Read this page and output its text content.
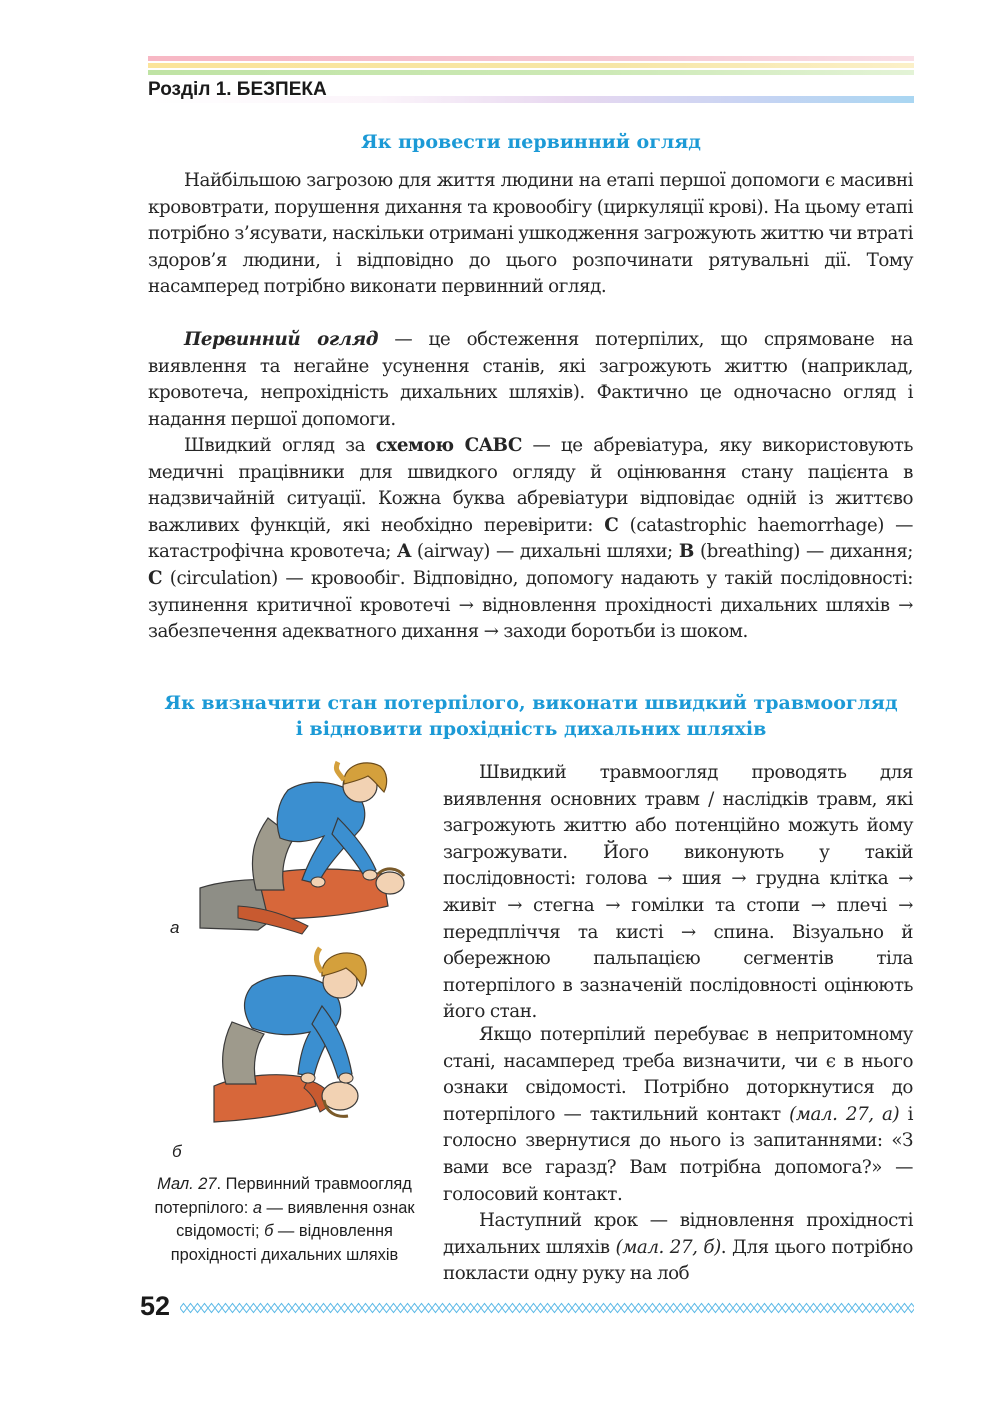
Розділ 1. БЕЗПЕКА
Як провести первинний огляд

Найбільшою загрозою для життя людини на етапі першої допомоги є масивні крововтрати, порушення дихання та кровообігу (циркуляції крові). На цьому етапі потрібно з’ясувати, наскільки отримані ушкодження загрожують життю чи втраті здоров’я людини, і відповідно до цього розпочинати рятувальні дії. Тому насамперед потрібно виконати первинний огляд.

Первинний огляд — це обстеження потерпілих, що спрямоване на виявлення та негайне усунення станів, які загрожують життю (наприклад, кровотеча, непрохідність дихальних шляхів). Фактично це одночасно огляд і надання першої допомоги.

Швидкий огляд за схемою CABC — це абревіатура, яку використовують медичні працівники для швидкого огляду й оцінювання стану пацієнта в надзвичайній ситуації. Кожна буква абревіатури відповідає одній із життєво важливих функцій, які необхідно перевірити: C (catastrophic haemorrhage) — катастрофічна кровотеча; A (airway) — дихальні шляхи; B (breathing) — дихання; C (circulation) — кровообіг. Відповідно, допомогу надають у такій послідовності: зупинення критичної кровотечі → відновлення прохідності дихальних шляхів → забезпечення адекватного дихання → заходи боротьби із шоком.

Як визначити стан потерпілого, виконати швидкий травмоогляд
і відновити прохідність дихальних шляхів
а
б

Мал. 27. Первинний травмоогляд потерпілого: а — виявлення ознак свідомості; б — відновлення прохідності дихальних шляхів

Швидкий травмоогляд проводять для виявлення основних травм / наслідків травм, які загрожують життю або потенційно можуть йому загрожувати. Його виконують у такій послідовності: голова → шия → грудна клітка → живіт → стегна → гомілки та стопи → плечі → передпліччя та кисті → спина. Візуально й обережною пальпацією сегментів тіла потерпілого в зазначеній послідовності оцінюють його стан.

Якщо потерпілий перебуває в непритомному стані, насамперед треба визначити, чи є в нього ознаки свідомості. Потрібно доторкнутися до потерпілого — тактильний контакт (мал. 27, а) і голосно звернутися до нього із запитаннями: «З вами все гаразд? Вам потрібна допомога?» — голосовий контакт.

Наступний крок — відновлення прохідності дихальних шляхів (мал. 27, б). Для цього потрібно покласти одну руку на лоб

52
